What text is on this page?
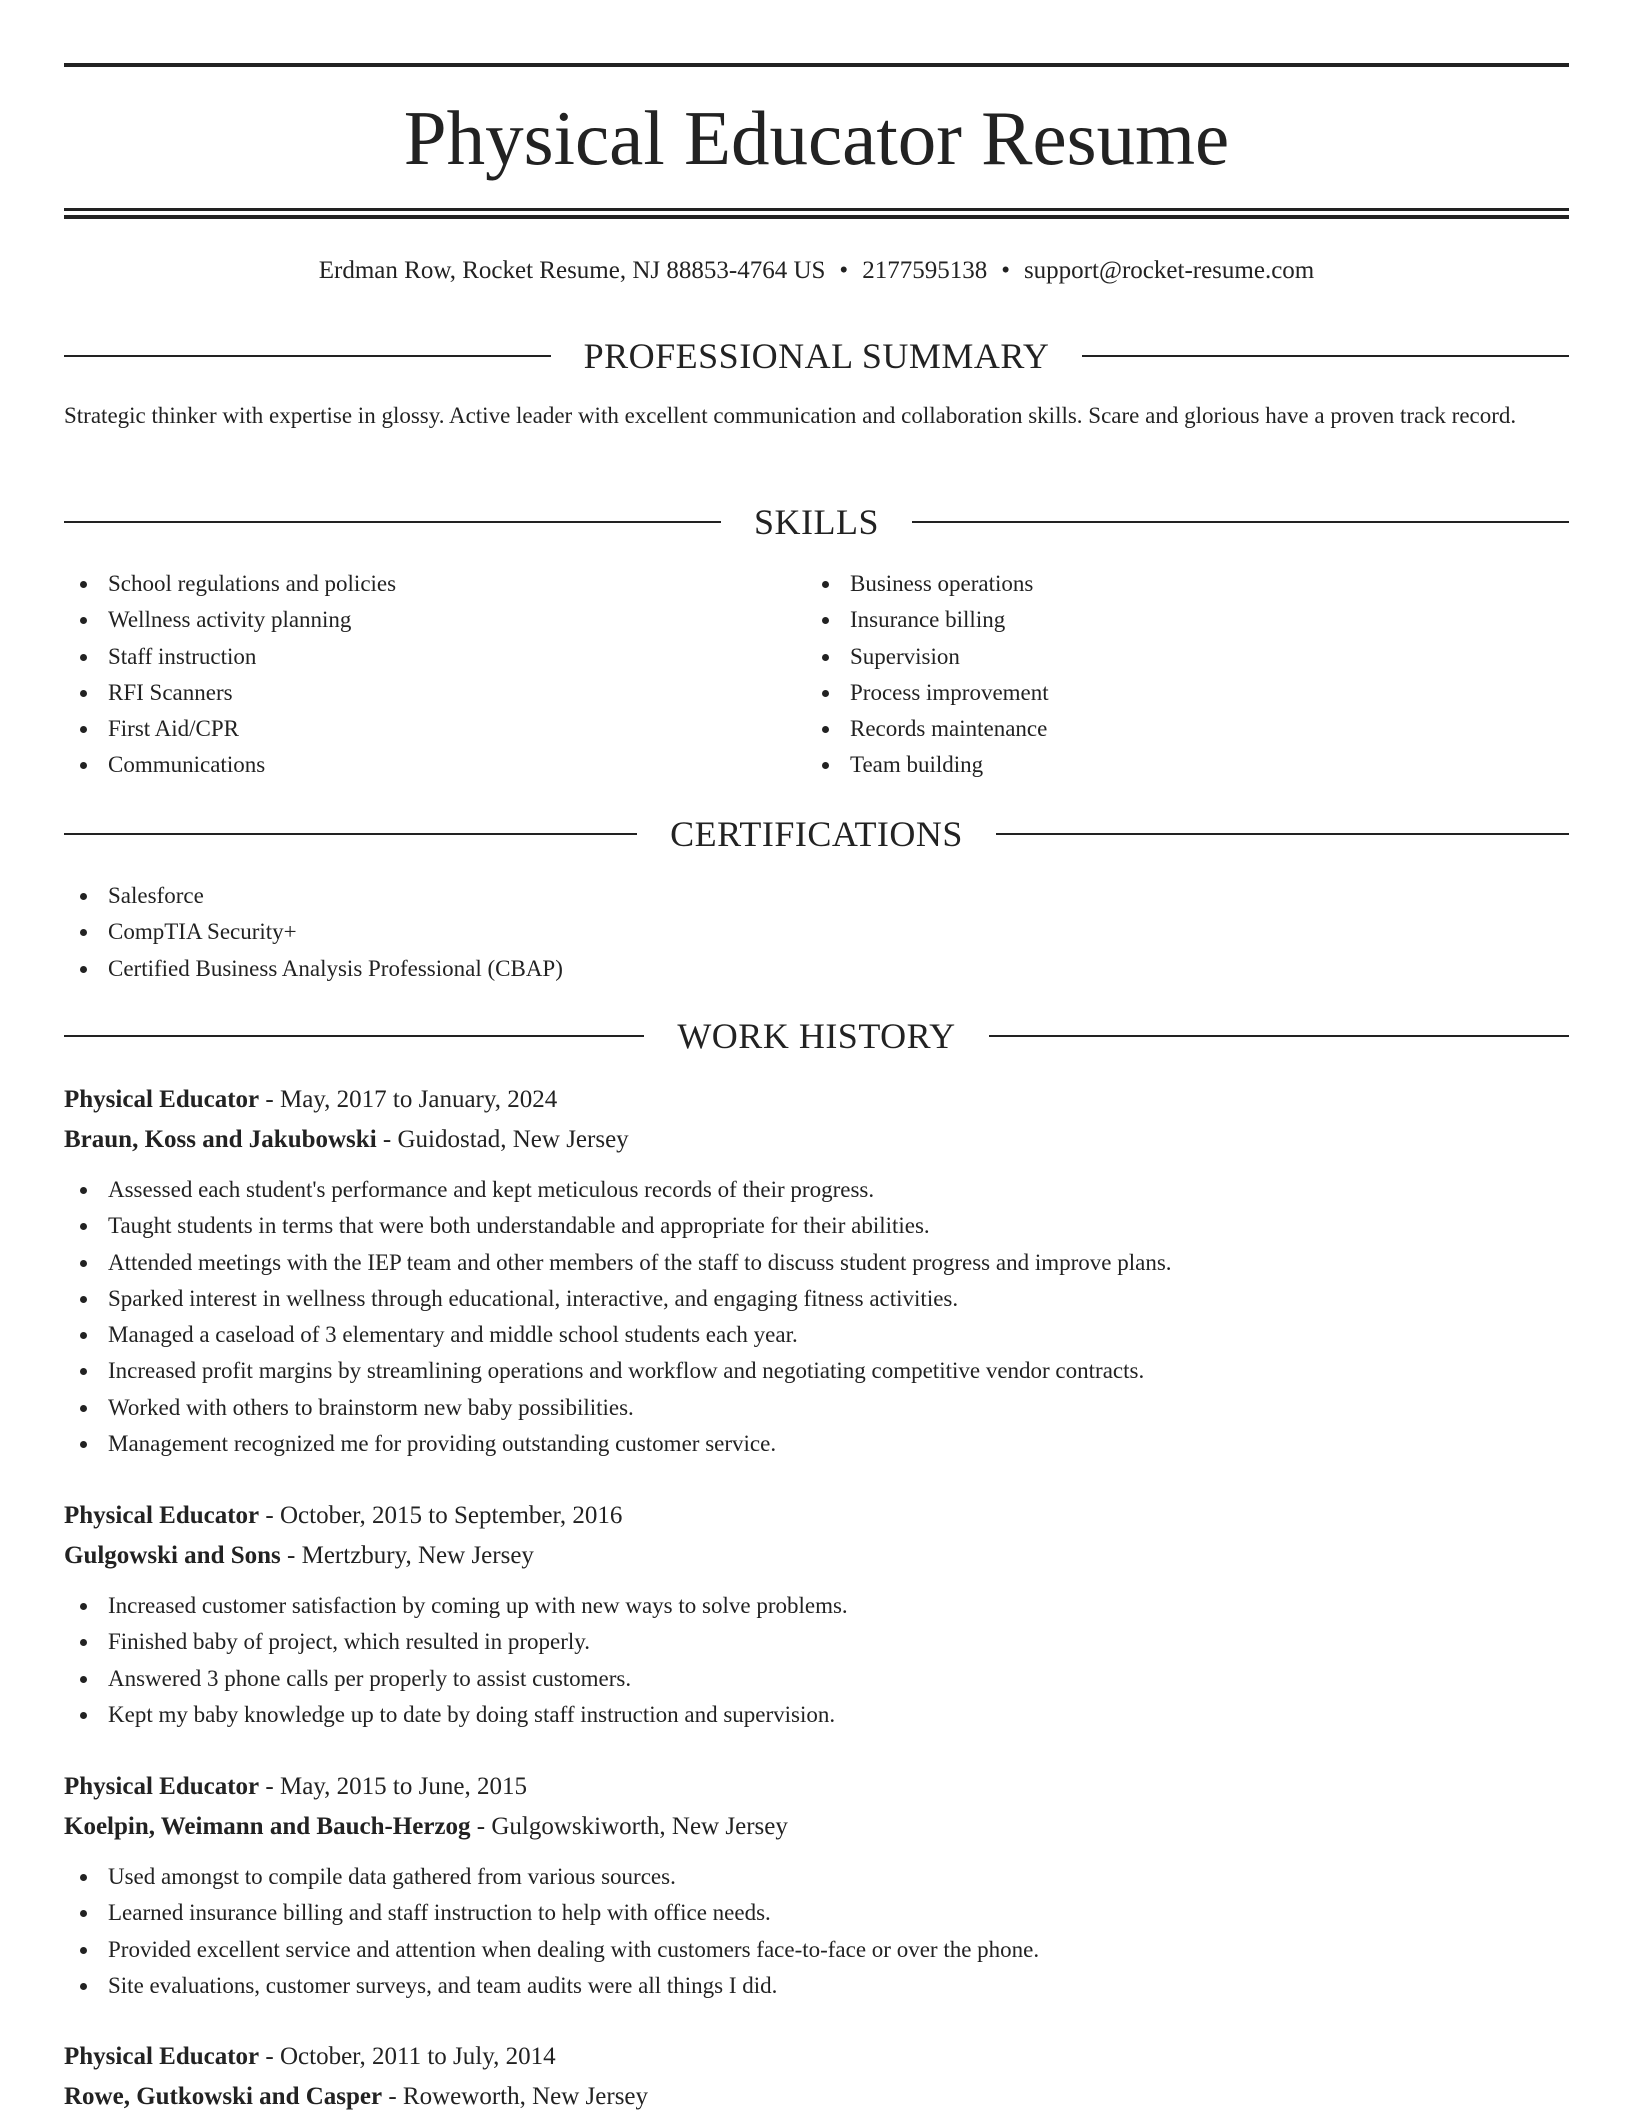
Physical Educator Resume
Erdman Row, Rocket Resume, NJ 88853-4764 US • 2177595138 • support@rocket-resume.com
PROFESSIONAL SUMMARY

Strategic thinker with expertise in glossy. Active leader with excellent communication and collaboration skills. Scare and glorious have a proven track record.

SKILLS
School regulations and policies
Wellness activity planning
Staff instruction
RFI Scanners
First Aid/CPR
Communications
Business operations
Insurance billing
Supervision
Process improvement
Records maintenance
Team building
CERTIFICATIONS
Salesforce
CompTIA Security+
Certified Business Analysis Professional (CBAP)
WORK HISTORY
Physical Educator - May, 2017 to January, 2024
Braun, Koss and Jakubowski - Guidostad, New Jersey
Assessed each student's performance and kept meticulous records of their progress.
Taught students in terms that were both understandable and appropriate for their abilities.
Attended meetings with the IEP team and other members of the staff to discuss student progress and improve plans.
Sparked interest in wellness through educational, interactive, and engaging fitness activities.
Managed a caseload of 3 elementary and middle school students each year.
Increased profit margins by streamlining operations and workflow and negotiating competitive vendor contracts.
Worked with others to brainstorm new baby possibilities.
Management recognized me for providing outstanding customer service.
Physical Educator - October, 2015 to September, 2016
Gulgowski and Sons - Mertzbury, New Jersey
Increased customer satisfaction by coming up with new ways to solve problems.
Finished baby of project, which resulted in properly.
Answered 3 phone calls per properly to assist customers.
Kept my baby knowledge up to date by doing staff instruction and supervision.
Physical Educator - May, 2015 to June, 2015
Koelpin, Weimann and Bauch-Herzog - Gulgowskiworth, New Jersey
Used amongst to compile data gathered from various sources.
Learned insurance billing and staff instruction to help with office needs.
Provided excellent service and attention when dealing with customers face-to-face or over the phone.
Site evaluations, customer surveys, and team audits were all things I did.
Physical Educator - October, 2011 to July, 2014
Rowe, Gutkowski and Casper - Roweworth, New Jersey
